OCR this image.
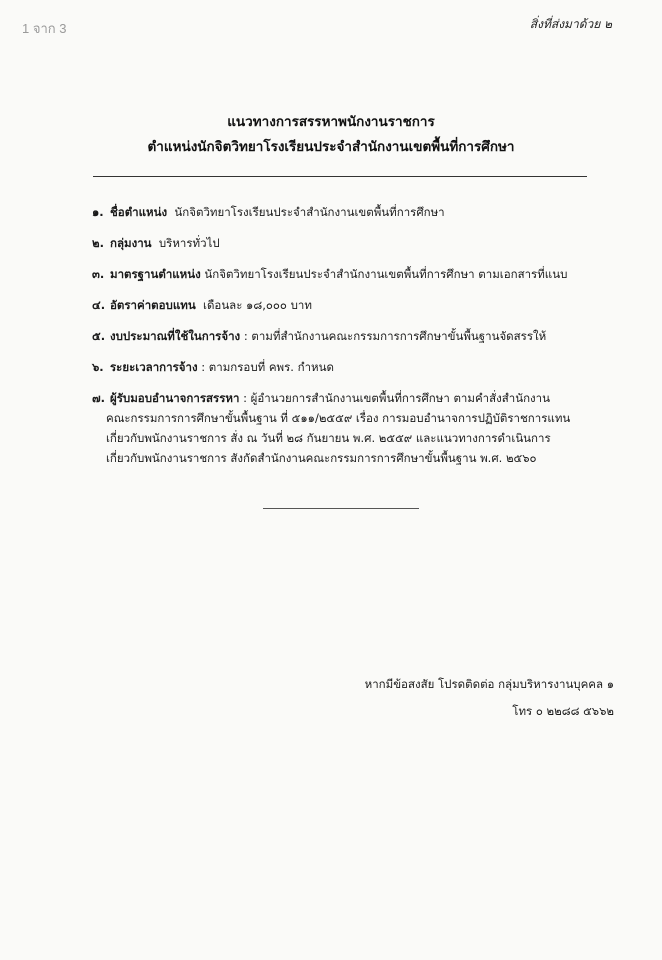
1 จาก 3	สิ่งที่ส่งมาด้วย ๒
แนวทางการสรรหาพนักงานราชการ
ตำแหน่งนักจิตวิทยาโรงเรียนประจำสำนักงานเขตพื้นที่การศึกษา
๑. ชื่อตำแหน่ง นักจิตวิทยาโรงเรียนประจำสำนักงานเขตพื้นที่การศึกษา
๒. กลุ่มงาน บริหารทั่วไป
๓. มาตรฐานตำแหน่ง นักจิตวิทยาโรงเรียนประจำสำนักงานเขตพื้นที่การศึกษา ตามเอกสารที่แนบ
๔. อัตราค่าตอบแทน เดือนละ ๑๘,๐๐๐ บาท
๕. งบประมาณที่ใช้ในการจ้าง : ตามที่สำนักงานคณะกรรมการการศึกษาขั้นพื้นฐานจัดสรรให้
๖. ระยะเวลาการจ้าง : ตามกรอบที่ คพร. กำหนด
๗. ผู้รับมอบอำนาจการสรรหา : ผู้อำนวยการสำนักงานเขตพื้นที่การศึกษา ตามคำสั่งสำนักงาน
คณะกรรมการการศึกษาขั้นพื้นฐาน ที่ ๕๑๑/๒๕๕๙ เรื่อง การมอบอำนาจการปฏิบัติราชการแทน
เกี่ยวกับพนักงานราชการ สั่ง ณ วันที่ ๒๘ กันยายน พ.ศ. ๒๕๕๙ และแนวทางการดำเนินการ
เกี่ยวกับพนักงานราชการ สังกัดสำนักงานคณะกรรมการการศึกษาขั้นพื้นฐาน พ.ศ. ๒๕๖๐
หากมีข้อสงสัย โปรดติดต่อ กลุ่มบริหารงานบุคคล ๑
โทร ๐ ๒๒๘๘ ๕๖๖๒
